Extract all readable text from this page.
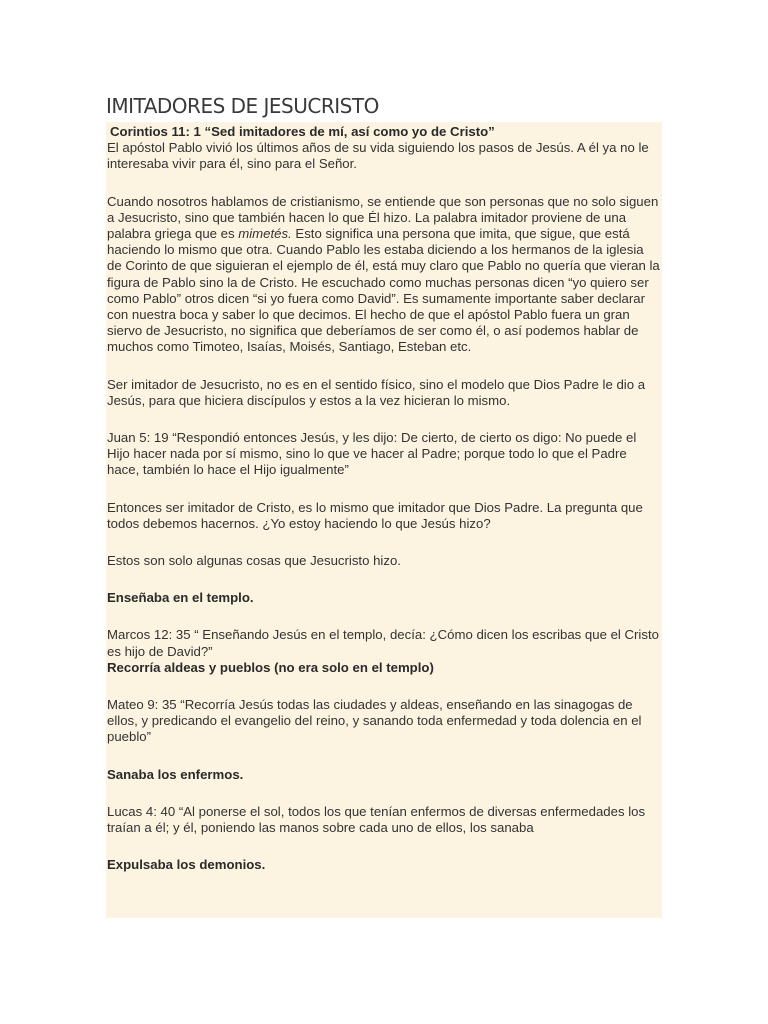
IMITADORES DE JESUCRISTO

Corintios 11: 1 “Sed imitadores de mí, así como yo de Cristo”

El apóstol Pablo vivió los últimos años de su vida siguiendo los pasos de Jesús. A él ya no le interesaba vivir para él, sino para el Señor.

Cuando nosotros hablamos de cristianismo, se entiende que son personas que no solo siguen a Jesucristo, sino que también hacen lo que Él hizo. La palabra imitador proviene de una palabra griega que es mimetés. Esto significa una persona que imita, que sigue, que está haciendo lo mismo que otra. Cuando Pablo les estaba diciendo a los hermanos de la iglesia de Corinto de que siguieran el ejemplo de él, está muy claro que Pablo no quería que vieran la figura de Pablo sino la de Cristo. He escuchado como muchas personas dicen “yo quiero ser como Pablo” otros dicen “si yo fuera como David”. Es sumamente importante saber declarar con nuestra boca y saber lo que decimos. El hecho de que el apóstol Pablo fuera un gran siervo de Jesucristo, no significa que deberíamos de ser como él, o así podemos hablar de muchos como Timoteo, Isaías, Moisés, Santiago, Esteban etc.

Ser imitador de Jesucristo, no es en el sentido físico, sino el modelo que Dios Padre le dio a Jesús, para que hiciera discípulos y estos a la vez hicieran lo mismo.

Juan 5: 19 “Respondió entonces Jesús, y les dijo: De cierto, de cierto os digo: No puede el Hijo hacer nada por sí mismo, sino lo que ve hacer al Padre; porque todo lo que el Padre hace, también lo hace el Hijo igualmente”

Entonces ser imitador de Cristo, es lo mismo que imitador que Dios Padre. La pregunta que todos debemos hacernos. ¿Yo estoy haciendo lo que Jesús hizo?

Estos son solo algunas cosas que Jesucristo hizo.

Enseñaba en el templo.

Marcos 12: 35 “ Enseñando Jesús en el templo, decía: ¿Cómo dicen los escribas que el Cristo es hijo de David?”

Recorría aldeas y pueblos (no era solo en el templo)

Mateo 9: 35 “Recorría Jesús todas las ciudades y aldeas, enseñando en las sinagogas de ellos, y predicando el evangelio del reino, y sanando toda enfermedad y toda dolencia en el pueblo”

Sanaba los enfermos.

Lucas 4: 40 “Al ponerse el sol, todos los que tenían enfermos de diversas enfermedades los traían a él; y él, poniendo las manos sobre cada uno de ellos, los sanaba

Expulsaba los demonios.
